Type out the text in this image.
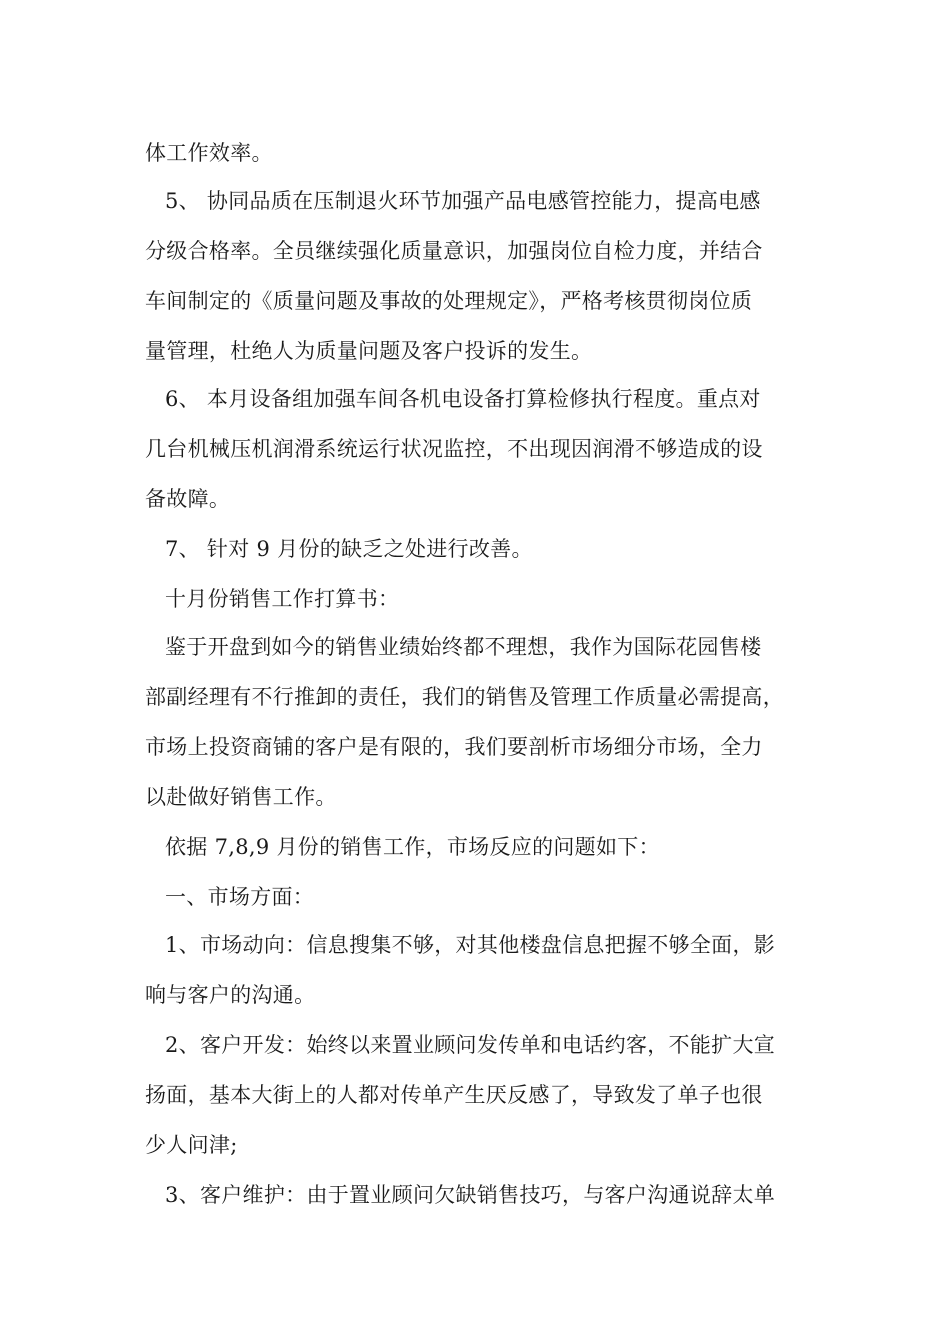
体工作效率。
5、 协同品质在压制退火环节加强产品电感管控能力，提高电感
分级合格率。全员继续强化质量意识，加强岗位自检力度，并结合
车间制定的《质量问题及事故的处理规定》，严格考核贯彻岗位质
量管理，杜绝人为质量问题及客户投诉的发生。
6、 本月设备组加强车间各机电设备打算检修执行程度。重点对
几台机械压机润滑系统运行状况监控，不出现因润滑不够造成的设
备故障。
7、 针对 9 月份的缺乏之处进行改善。
十月份销售工作打算书：
鉴于开盘到如今的销售业绩始终都不理想，我作为国际花园售楼
部副经理有不行推卸的责任，我们的销售及管理工作质量必需提高，
市场上投资商铺的客户是有限的，我们要剖析市场细分市场，全力
以赴做好销售工作。
依据 7,8,9 月份的销售工作，市场反应的问题如下：
一、市场方面：
1、市场动向：信息搜集不够，对其他楼盘信息把握不够全面，影
响与客户的沟通。
2、客户开发：始终以来置业顾问发传单和电话约客，不能扩大宣
扬面，基本大街上的人都对传单产生厌反感了，导致发了单子也很
少人问津;
3、客户维护：由于置业顾问欠缺销售技巧，与客户沟通说辞太单
